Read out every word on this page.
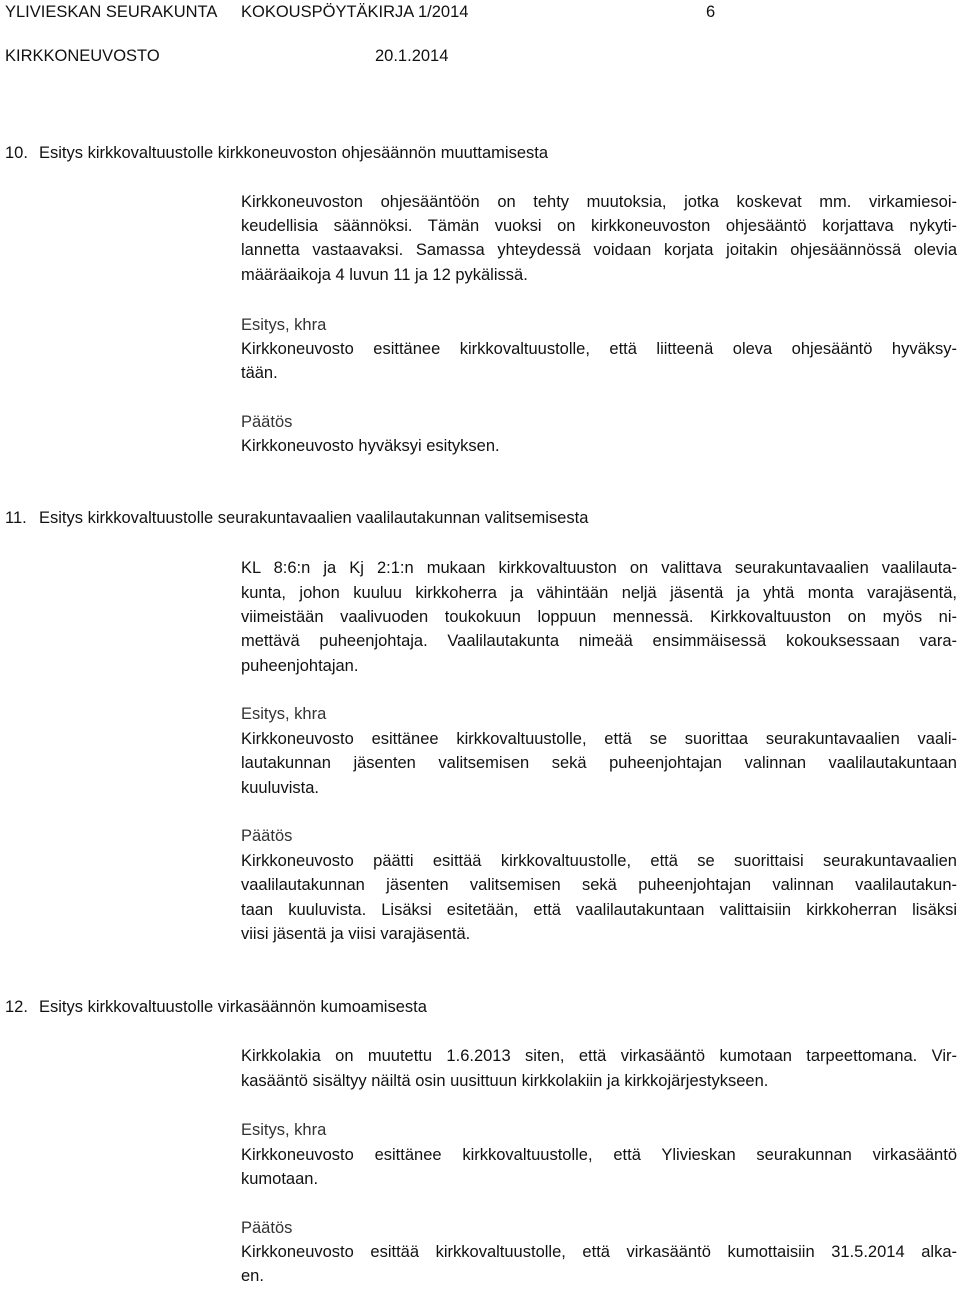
YLIVIESKAN SEURAKUNTA KOKOUSPÖYTÄKIRJA 1/2014	6
KIRKKONEUVOSTO	20.1.2014
10. Esitys kirkkovaltuustolle kirkkoneuvoston ohjesäännön muuttamisesta
Kirkkoneuvoston ohjesääntöön on tehty muutoksia, jotka koskevat mm. virkamiesoi-
keudellisia säännöksi. Tämän vuoksi on kirkkoneuvoston ohjesääntö korjattava nykyti-
lannetta vastaavaksi. Samassa yhteydessä voidaan korjata joitakin ohjesäännössä olevia
määräaikoja 4 luvun 11 ja 12 pykälissä.
Esitys, khra
Kirkkoneuvosto esittänee kirkkovaltuustolle, että liitteenä oleva ohjesääntö hyväksy-
tään.
Päätös
Kirkkoneuvosto hyväksyi esityksen.
11. Esitys kirkkovaltuustolle seurakuntavaalien vaalilautakunnan valitsemisesta
KL 8:6:n ja Kj 2:1:n mukaan kirkkovaltuuston on valittava seurakuntavaalien vaalilauta-
kunta, johon kuuluu kirkkoherra ja vähintään neljä jäsentä ja yhtä monta varajäsentä,
viimeistään vaalivuoden toukokuun loppuun mennessä. Kirkkovaltuuston on myös ni-
mettävä puheenjohtaja. Vaalilautakunta nimeää ensimmäisessä kokouksessaan vara-
puheenjohtajan.
Esitys, khra
Kirkkoneuvosto esittänee kirkkovaltuustolle, että se suorittaa seurakuntavaalien vaali-
lautakunnan jäsenten valitsemisen sekä puheenjohtajan valinnan vaalilautakuntaan
kuuluvista.
Päätös
Kirkkoneuvosto päätti esittää kirkkovaltuustolle, että se suorittaisi seurakuntavaalien
vaalilautakunnan jäsenten valitsemisen sekä puheenjohtajan valinnan vaalilautakun-
taan kuuluvista. Lisäksi esitetään, että vaalilautakuntaan valittaisiin kirkkoherran lisäksi
viisi jäsentä ja viisi varajäsentä.
12. Esitys kirkkovaltuustolle virkasäännön kumoamisesta
Kirkkolakia on muutettu 1.6.2013 siten, että virkasääntö kumotaan tarpeettomana. Vir-
kasääntö sisältyy näiltä osin uusittuun kirkkolakiin ja kirkkojärjestykseen.
Esitys, khra
Kirkkoneuvosto esittänee kirkkovaltuustolle, että Ylivieskan seurakunnan virkasääntö
kumotaan.
Päätös
Kirkkoneuvosto esittää kirkkovaltuustolle, että virkasääntö kumottaisiin 31.5.2014 alka-
en.
